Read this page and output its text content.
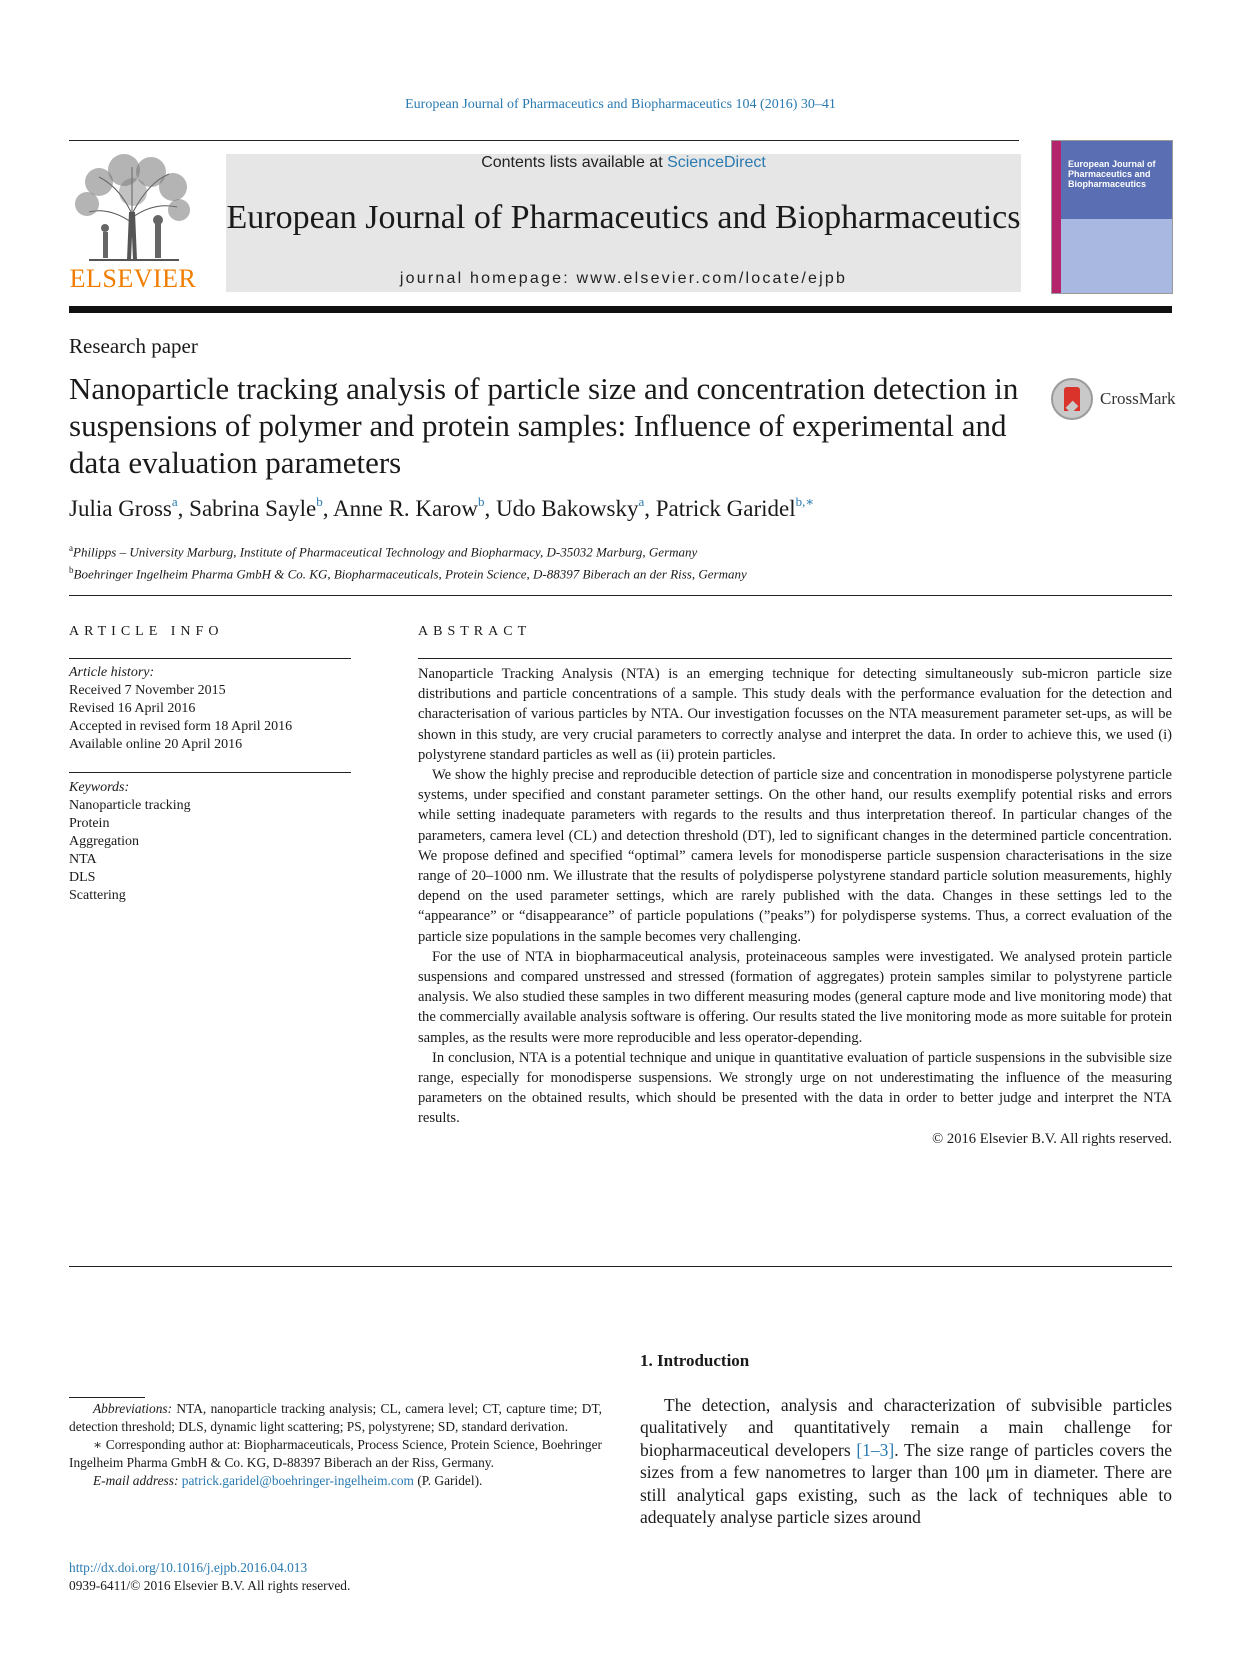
European Journal of Pharmaceutics and Biopharmaceutics 104 (2016) 30–41
ELSEVIER
Contents lists available at ScienceDirect
European Journal of Pharmaceutics and Biopharmaceutics
journal homepage: www.elsevier.com/locate/ejpb
European Journal of Pharmaceutics and Biopharmaceutics
Research paper
Nanoparticle tracking analysis of particle size and concentration detection in suspensions of polymer and protein samples: Influence of experimental and data evaluation parameters
CrossMark
Julia Gross$^a$, Sabrina Sayle$^b$, Anne R. Karow$^b$, Udo Bakowsky$^a$, Patrick Garidel$^{b,∗}$
$^a$Philipps – University Marburg, Institute of Pharmaceutical Technology and Biopharmacy, D-35032 Marburg, Germany
$^b$Boehringer Ingelheim Pharma GmbH & Co. KG, Biopharmaceuticals, Protein Science, D-88397 Biberach an der Riss, Germany
ARTICLE INFO
Article history:
Received 7 November 2015
Revised 16 April 2016
Accepted in revised form 18 April 2016
Available online 20 April 2016
Keywords:
Nanoparticle tracking
Protein
Aggregation
NTA
DLS
Scattering
ABSTRACT

Nanoparticle Tracking Analysis (NTA) is an emerging technique for detecting simultaneously sub-micron particle size distributions and particle concentrations of a sample. This study deals with the performance evaluation for the detection and characterisation of various particles by NTA. Our investigation focusses on the NTA measurement parameter set-ups, as will be shown in this study, are very crucial parameters to correctly analyse and interpret the data. In order to achieve this, we used (i) polystyrene standard particles as well as (ii) protein particles.

We show the highly precise and reproducible detection of particle size and concentration in monodisperse polystyrene particle systems, under specified and constant parameter settings. On the other hand, our results exemplify potential risks and errors while setting inadequate parameters with regards to the results and thus interpretation thereof. In particular changes of the parameters, camera level (CL) and detection threshold (DT), led to significant changes in the determined particle concentration. We propose defined and specified “optimal” camera levels for monodisperse particle suspension characterisations in the size range of 20–1000 nm. We illustrate that the results of polydisperse polystyrene standard particle solution measurements, highly depend on the used parameter settings, which are rarely published with the data. Changes in these settings led to the “appearance” or “disappearance” of particle populations (”peaks”) for polydisperse systems. Thus, a correct evaluation of the particle size populations in the sample becomes very challenging.

For the use of NTA in biopharmaceutical analysis, proteinaceous samples were investigated. We analysed protein particle suspensions and compared unstressed and stressed (formation of aggregates) protein samples similar to polystyrene particle analysis. We also studied these samples in two different measuring modes (general capture mode and live monitoring mode) that the commercially available analysis software is offering. Our results stated the live monitoring mode as more suitable for protein samples, as the results were more reproducible and less operator-depending.

In conclusion, NTA is a potential technique and unique in quantitative evaluation of particle suspensions in the subvisible size range, especially for monodisperse suspensions. We strongly urge on not underestimating the influence of the measuring parameters on the obtained results, which should be presented with the data in order to better judge and interpret the NTA results.

© 2016 Elsevier B.V. All rights reserved.
1. Introduction

The detection, analysis and characterization of subvisible particles qualitatively and quantitatively remain a main challenge for biopharmaceutical developers [1–3]. The size range of particles covers the sizes from a few nanometres to larger than 100 μm in diameter. There are still analytical gaps existing, such as the lack of techniques able to adequately analyse particle sizes around

Abbreviations: NTA, nanoparticle tracking analysis; CL, camera level; CT, capture time; DT, detection threshold; DLS, dynamic light scattering; PS, polystyrene; SD, standard derivation.

∗ Corresponding author at: Biopharmaceuticals, Process Science, Protein Science, Boehringer Ingelheim Pharma GmbH & Co. KG, D-88397 Biberach an der Riss, Germany.

E-mail address: patrick.garidel@boehringer-ingelheim.com (P. Garidel).

http://dx.doi.org/10.1016/j.ejpb.2016.04.013
0939-6411/© 2016 Elsevier B.V. All rights reserved.
